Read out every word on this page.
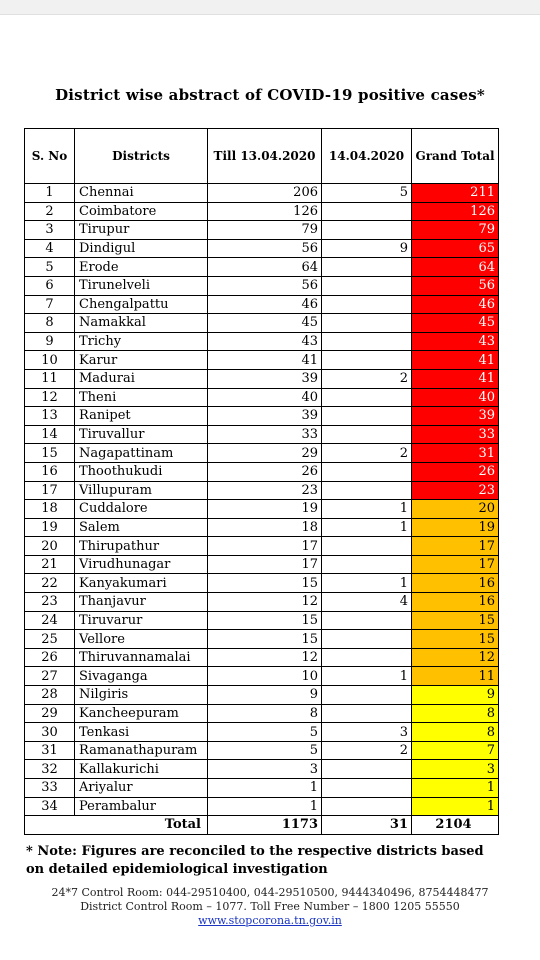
District wise abstract of COVID-19 positive cases*
S. No	Districts	Till 13.04.2020	14.04.2020	Grand Total
1	Chennai	206	5	211
2	Coimbatore	126		126
3	Tirupur	79		79
4	Dindigul	56	9	65
5	Erode	64		64
6	Tirunelveli	56		56
7	Chengalpattu	46		46
8	Namakkal	45		45
9	Trichy	43		43
10	Karur	41		41
11	Madurai	39	2	41
12	Theni	40		40
13	Ranipet	39		39
14	Tiruvallur	33		33
15	Nagapattinam	29	2	31
16	Thoothukudi	26		26
17	Villupuram	23		23
18	Cuddalore	19	1	20
19	Salem	18	1	19
20	Thirupathur	17		17
21	Virudhunagar	17		17
22	Kanyakumari	15	1	16
23	Thanjavur	12	4	16
24	Tiruvarur	15		15
25	Vellore	15		15
26	Thiruvannamalai	12		12
27	Sivaganga	10	1	11
28	Nilgiris	9		9
29	Kancheepuram	8		8
30	Tenkasi	5	3	8
31	Ramanathapuram	5	2	7
32	Kallakurichi	3		3
33	Ariyalur	1		1
34	Perambalur	1		1
Total		1173	31	2104
* Note: Figures are reconciled to the respective districts based on detailed epidemiological investigation
24*7 Control Room: 044-29510400, 044-29510500, 9444340496, 8754448477
District Control Room – 1077. Toll Free Number – 1800 1205 55550
www.stopcorona.tn.gov.in
